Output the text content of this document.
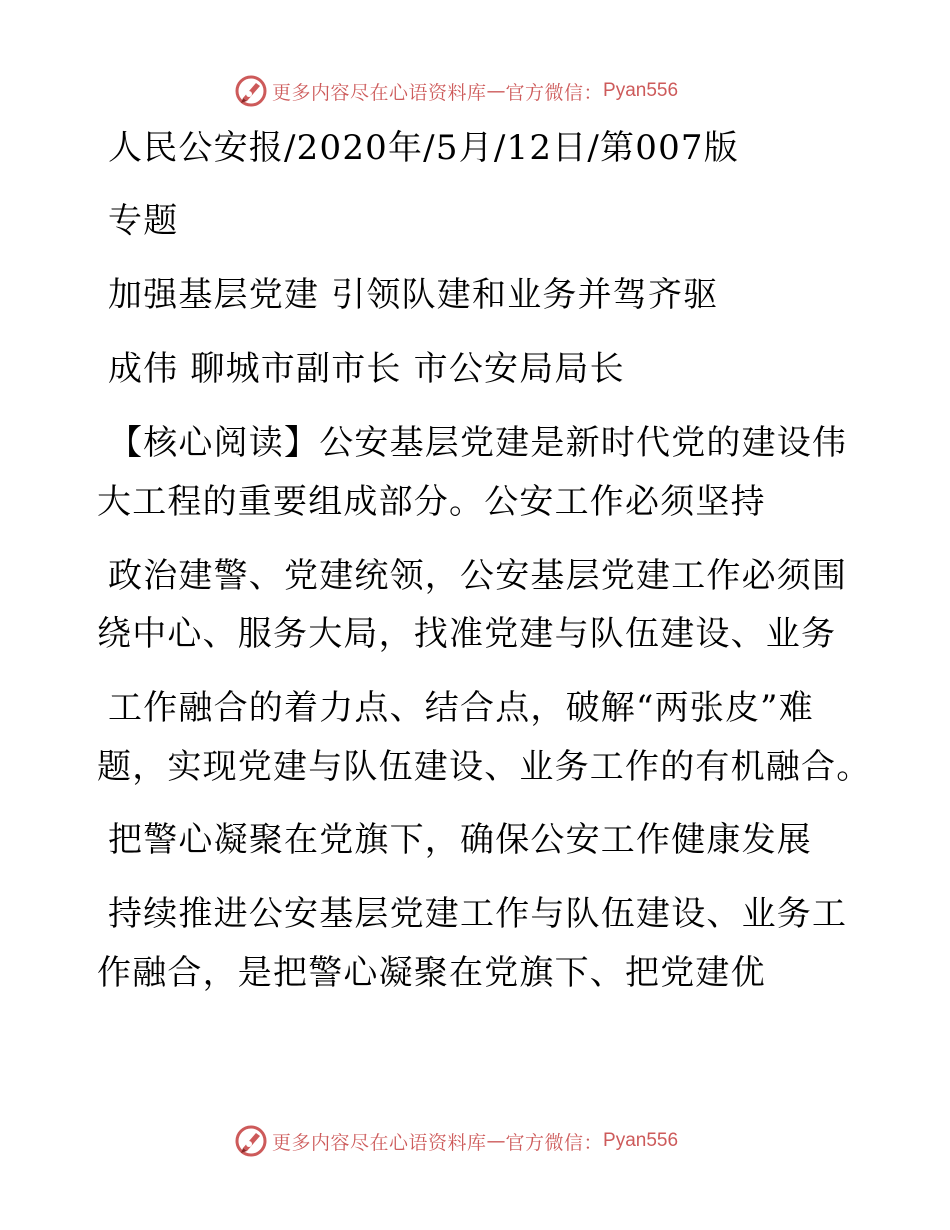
更多内容尽在心语资料库 — 官方微信： Pyan556
人民公安报/2020年/5月/12日/第007版
专题
加强基层党建 引领队建和业务并驾齐驱
成伟 聊城市副市长 市公安局局长
【核心阅读】公安基层党建是新时代党的建设伟
大工程的重要组成部分。公安工作必须坚持
政治建警、党建统领，公安基层党建工作必须围
绕中心、服务大局，找准党建与队伍建设、业务
工作融合的着力点、结合点，破解“两张皮”难
题，实现党建与队伍建设、业务工作的有机融合。
把警心凝聚在党旗下，确保公安工作健康发展
持续推进公安基层党建工作与队伍建设、业务工
作融合，是把警心凝聚在党旗下、把党建优
更多内容尽在心语资料库 — 官方微信： Pyan556
